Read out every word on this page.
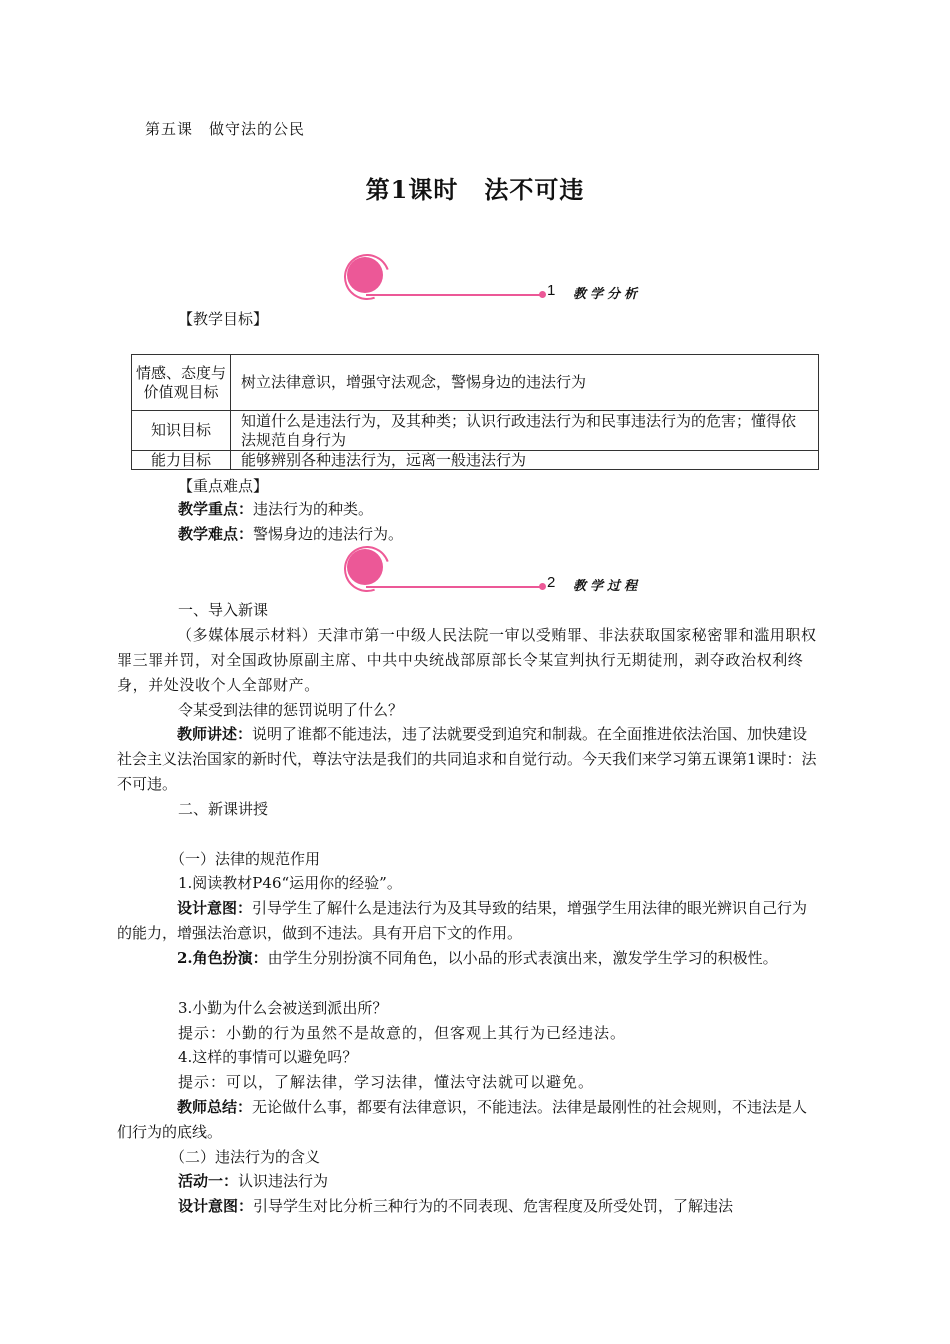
第五课　做守法的公民
第1课时 法不可违
1 教学分析
【教学目标】
情感、态度与价值观目标	树立法律意识，增强守法观念，警惕身边的违法行为
知识目标	知道什么是违法行为，及其种类；认识行政违法行为和民事违法行为的危害；懂得依法规范自身行为
能力目标	能够辨别各种违法行为，远离一般违法行为
【重点难点】
教学重点：违法行为的种类。
教学难点：警惕身边的违法行为。
2 教学过程
一、导入新课
（多媒体展示材料）天津市第一中级人民法院一审以受贿罪、非法获取国家秘密罪和滥用职权罪三罪并罚，对全国政协原副主席、中共中央统战部原部长令某宣判执行无期徒刑，剥夺政治权利终身，并处没收个人全部财产。
令某受到法律的惩罚说明了什么？
教师讲述：说明了谁都不能违法，违了法就要受到追究和制裁。在全面推进依法治国、加快建设社会主义法治国家的新时代，尊法守法是我们的共同追求和自觉行动。今天我们来学习第五课第1课时：法不可违。
二、新课讲授
（一）法律的规范作用
1.阅读教材P46“运用你的经验”。
设计意图：引导学生了解什么是违法行为及其导致的结果，增强学生用法律的眼光辨识自己行为的能力，增强法治意识，做到不违法。具有开启下文的作用。
2.角色扮演：由学生分别扮演不同角色，以小品的形式表演出来，激发学生学习的积极性。
3.小勤为什么会被送到派出所？
提示：小勤的行为虽然不是故意的，但客观上其行为已经违法。
4.这样的事情可以避免吗？
提示：可以，了解法律，学习法律，懂法守法就可以避免。
教师总结：无论做什么事，都要有法律意识，不能违法。法律是最刚性的社会规则，不违法是人们行为的底线。
（二）违法行为的含义
活动一：认识违法行为
设计意图：引导学生对比分析三种行为的不同表现、危害程度及所受处罚，了解违法
